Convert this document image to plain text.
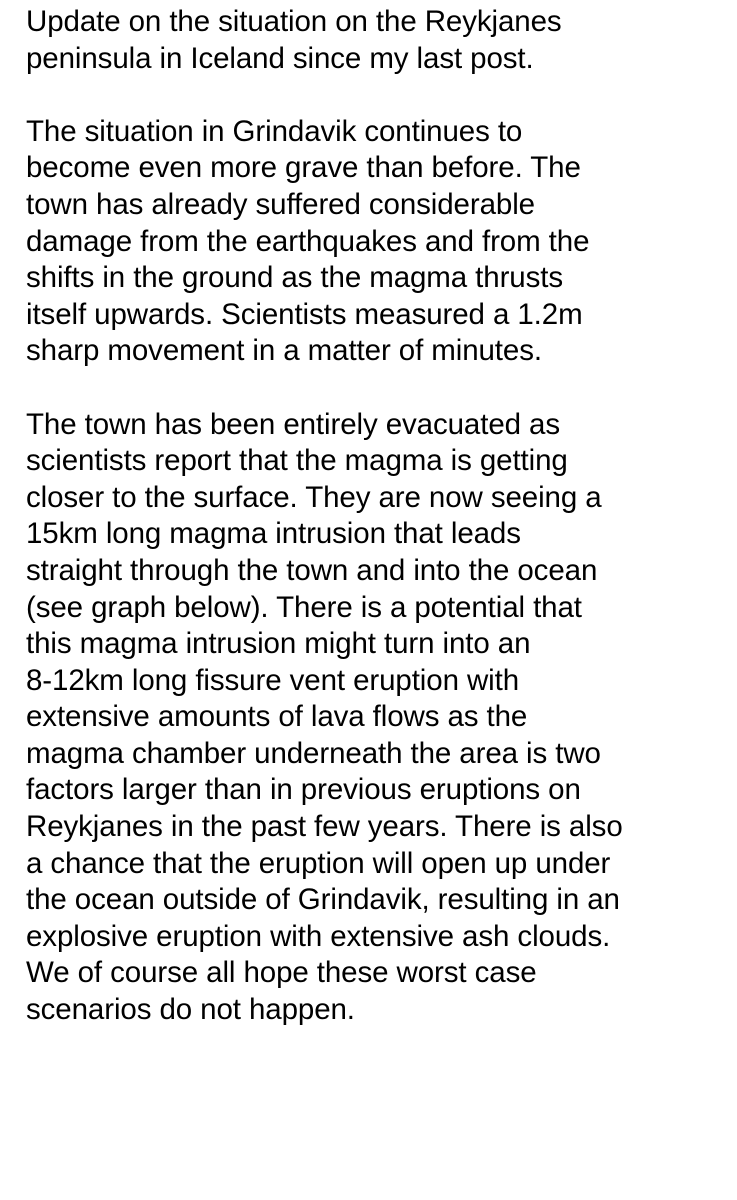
Update on the situation on the Reykjanes
peninsula in Iceland since my last post.
The situation in Grindavik continues to
become even more grave than before. The
town has already suffered considerable
damage from the earthquakes and from the
shifts in the ground as the magma thrusts
itself upwards. Scientists measured a 1.2m
sharp movement in a matter of minutes.
The town has been entirely evacuated as
scientists report that the magma is getting
closer to the surface. They are now seeing a
15km long magma intrusion that leads
straight through the town and into the ocean
(see graph below). There is a potential that
this magma intrusion might turn into an
8-12km long fissure vent eruption with
extensive amounts of lava flows as the
magma chamber underneath the area is two
factors larger than in previous eruptions on
Reykjanes in the past few years. There is also
a chance that the eruption will open up under
the ocean outside of Grindavik, resulting in an
explosive eruption with extensive ash clouds.
We of course all hope these worst case
scenarios do not happen.
